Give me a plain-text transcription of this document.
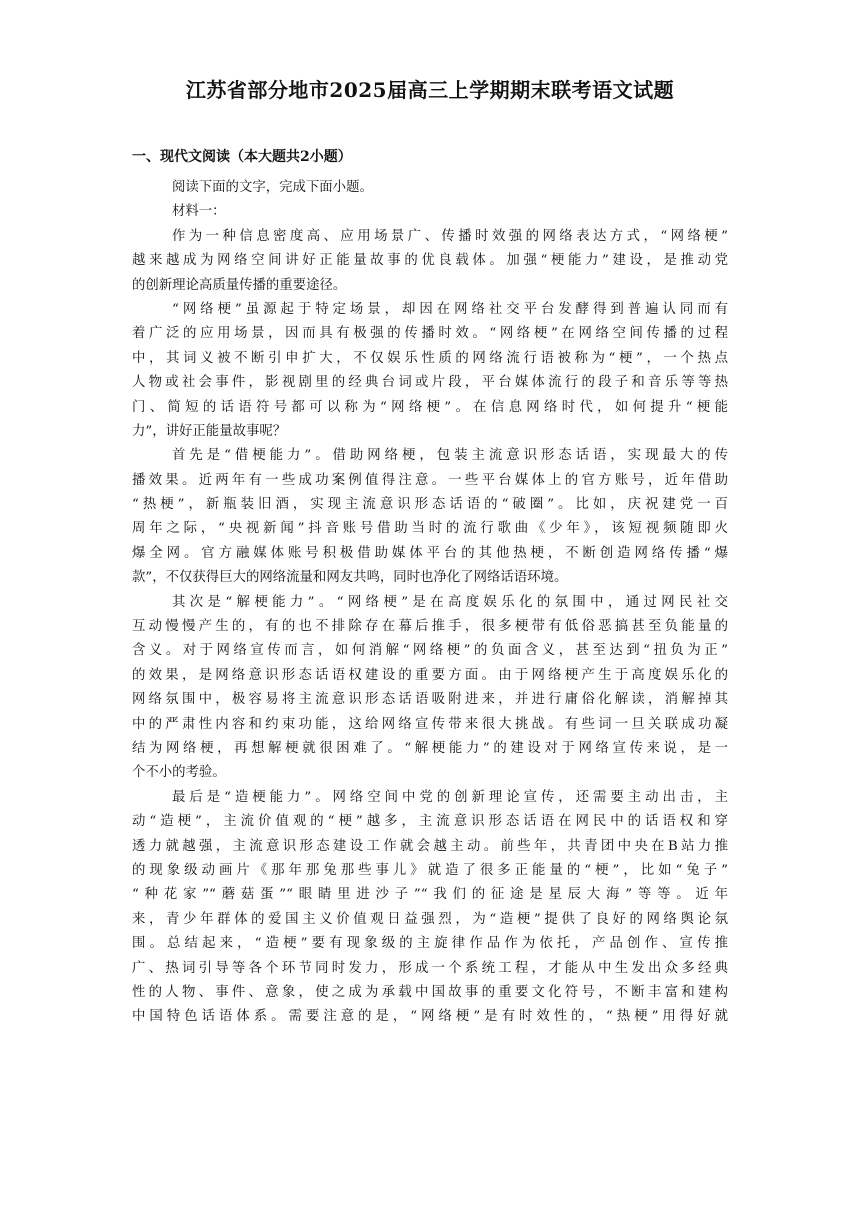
江苏省部分地市2025届高三上学期期末联考语文试题
一、现代文阅读（本大题共2小题）
阅读下面的文字，完成下面小题。
材料一：
作为一种信息密度高、应用场景广、传播时效强的网络表达方式，“网络梗”
越来越成为网络空间讲好正能量故事的优良载体。加强“梗能力”建设，是推动党
的创新理论高质量传播的重要途径。
“网络梗”虽源起于特定场景，却因在网络社交平台发酵得到普遍认同而有
着广泛的应用场景，因而具有极强的传播时效。“网络梗”在网络空间传播的过程
中，其词义被不断引申扩大，不仅娱乐性质的网络流行语被称为“梗”，一个热点
人物或社会事件，影视剧里的经典台词或片段，平台媒体流行的段子和音乐等等热
门、简短的话语符号都可以称为“网络梗”。在信息网络时代，如何提升“梗能
力”，讲好正能量故事呢？
首先是“借梗能力”。借助网络梗，包装主流意识形态话语，实现最大的传
播效果。近两年有一些成功案例值得注意。一些平台媒体上的官方账号，近年借助
“热梗”，新瓶装旧酒，实现主流意识形态话语的“破圈”。比如，庆祝建党一百
周年之际，“央视新闻”抖音账号借助当时的流行歌曲《少年》，该短视频随即火
爆全网。官方融媒体账号积极借助媒体平台的其他热梗，不断创造网络传播“爆
款”，不仅获得巨大的网络流量和网友共鸣，同时也净化了网络话语环境。
其次是“解梗能力”。“网络梗”是在高度娱乐化的氛围中，通过网民社交
互动慢慢产生的，有的也不排除存在幕后推手，很多梗带有低俗恶搞甚至负能量的
含义。对于网络宣传而言，如何消解“网络梗”的负面含义，甚至达到“扭负为正”
的效果，是网络意识形态话语权建设的重要方面。由于网络梗产生于高度娱乐化的
网络氛围中，极容易将主流意识形态话语吸附进来，并进行庸俗化解读，消解掉其
中的严肃性内容和约束功能，这给网络宣传带来很大挑战。有些词一旦关联成功凝
结为网络梗，再想解梗就很困难了。“解梗能力”的建设对于网络宣传来说，是一
个不小的考验。
最后是“造梗能力”。网络空间中党的创新理论宣传，还需要主动出击，主
动“造梗”，主流价值观的“梗”越多，主流意识形态话语在网民中的话语权和穿
透力就越强，主流意识形态建设工作就会越主动。前些年，共青团中央在B站力推
的现象级动画片《那年那兔那些事儿》就造了很多正能量的“梗”，比如“兔子”
“种花家”“蘑菇蛋”“眼睛里进沙子”“我们的征途是星辰大海”等等。近年
来，青少年群体的爱国主义价值观日益强烈，为“造梗”提供了良好的网络舆论氛
围。总结起来，“造梗”要有现象级的主旋律作品作为依托，产品创作、宣传推
广、热词引导等各个环节同时发力，形成一个系统工程，才能从中生发出众多经典
性的人物、事件、意象，使之成为承载中国故事的重要文化符号，不断丰富和建构
中国特色话语体系。需要注意的是，“网络梗”是有时效性的，“热梗”用得好就
